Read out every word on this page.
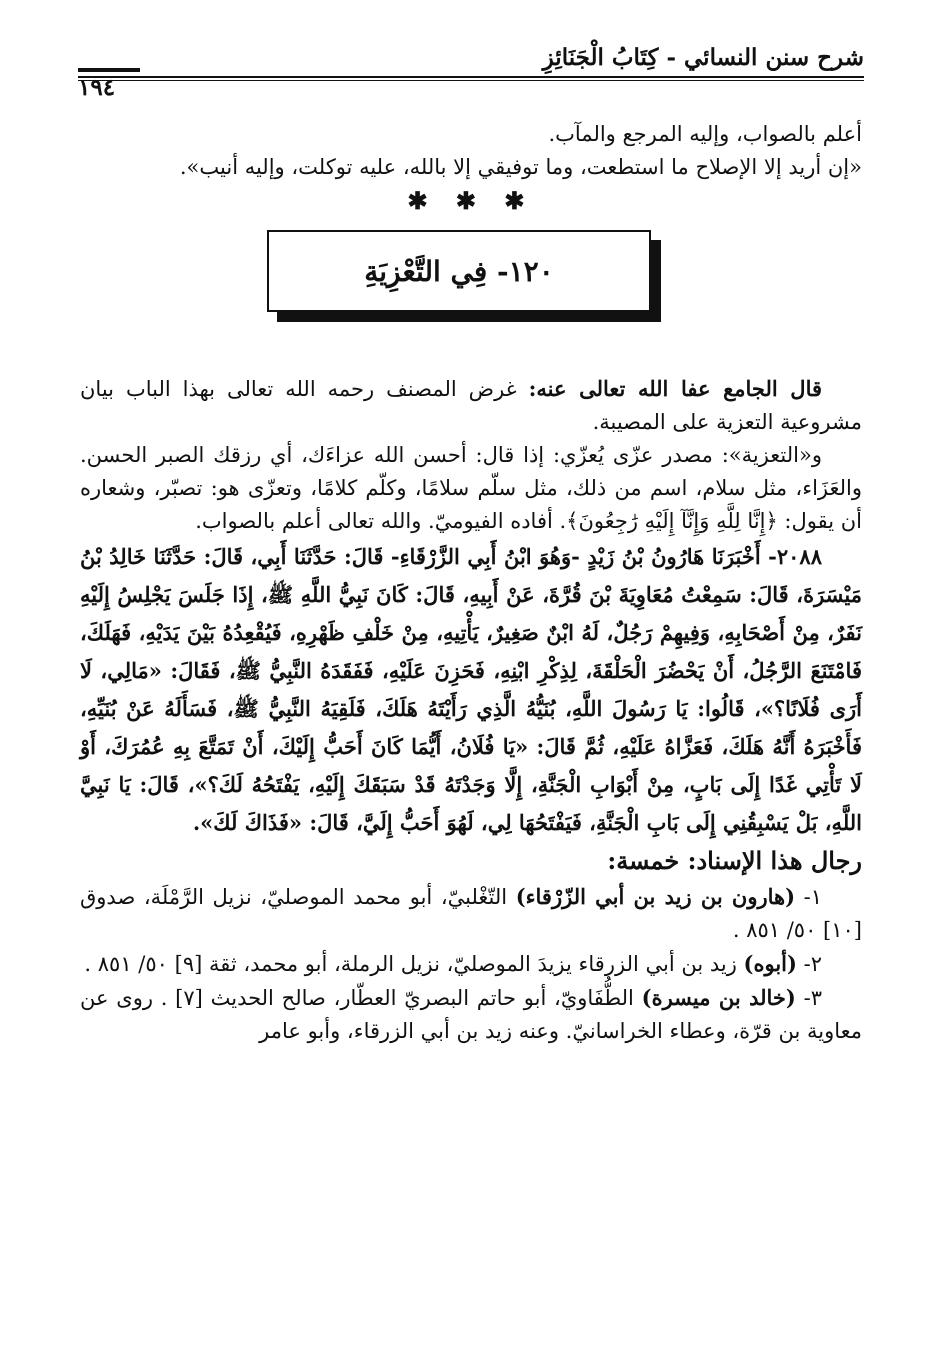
شرح سنن النسائي - كِتَابُ الْجَنَائِزِ
١٩٤

أعلم بالصواب، وإليه المرجع والمآب.

«إن أريد إلا الإصلاح ما استطعت، وما توفيقي إلا بالله، عليه توكلت، وإليه أنيب».

✱ ✱ ✱
١٢٠- فِي التَّعْزِيَةِ

قال الجامع عفا الله تعالى عنه: غرض المصنف رحمه الله تعالى بهذا الباب بيان مشروعية التعزية على المصيبة.

و«التعزية»: مصدر عزّى يُعزّي: إذا قال: أحسن الله عزاءَك، أي رزقك الصبر الحسن. والعَزَاء، مثل سلام، اسم من ذلك، مثل سلّم سلامًا، وكلّم كلامًا، وتعزّى هو: تصبّر، وشعاره أن يقول: ﴿إِنَّا لِلَّهِ وَإِنَّآ إِلَيْهِ رَٰجِعُونَ﴾. أفاده الفيوميّ. والله تعالى أعلم بالصواب.

٢٠٨٨- أَخْبَرَنَا هَارُونُ بْنُ زَيْدٍ -وَهُوَ ابْنُ أَبِي الزَّرْقَاءِ- قَالَ: حَدَّثَنَا أَبِي، قَالَ: حَدَّثَنَا خَالِدُ بْنُ مَيْسَرَةَ، قَالَ: سَمِعْتُ مُعَاوِيَةَ بْنَ قُرَّةَ، عَنْ أَبِيهِ، قَالَ: كَانَ نَبِيُّ اللَّهِ ﷺ، إِذَا جَلَسَ يَجْلِسُ إِلَيْهِ نَفَرٌ، مِنْ أَصْحَابِهِ، وَفِيهِمْ رَجُلٌ، لَهُ ابْنٌ صَغِيرٌ، يَأْتِيهِ، مِنْ خَلْفِ ظَهْرِهِ، فَيُقْعِدُهُ بَيْنَ يَدَيْهِ، فَهَلَكَ، فَامْتَنَعَ الرَّجُلُ، أَنْ يَحْضُرَ الْحَلْقَةَ، لِذِكْرِ ابْنِهِ، فَحَزِنَ عَلَيْهِ، فَفَقَدَهُ النَّبِيُّ ﷺ، فَقَالَ: «مَالِي، لَا أَرَى فُلَانًا؟»، قَالُوا: يَا رَسُولَ اللَّهِ، بُنَيُّهُ الَّذِي رَأَيْتَهُ هَلَكَ، فَلَقِيَهُ النَّبِيُّ ﷺ، فَسَأَلَهُ عَنْ بُنَيِّهِ، فَأَخْبَرَهُ أَنَّهُ هَلَكَ، فَعَزَّاهُ عَلَيْهِ، ثُمَّ قَالَ: «يَا فُلَانُ، أَيُّمَا كَانَ أَحَبُّ إِلَيْكَ، أَنْ تَمَتَّعَ بِهِ عُمُرَكَ، أَوْ لَا تَأْتِي غَدًا إِلَى بَابٍ، مِنْ أَبْوَابِ الْجَنَّةِ، إِلَّا وَجَدْتَهُ قَدْ سَبَقَكَ إِلَيْهِ، يَفْتَحُهُ لَكَ؟»، قَالَ: يَا نَبِيَّ اللَّهِ، بَلْ يَسْبِقُنِي إِلَى بَابِ الْجَنَّةِ، فَيَفْتَحُهَا لِي، لَهُوَ أَحَبُّ إِلَيَّ، قَالَ: «فَذَاكَ لَكَ».

رجال هذا الإسناد: خمسة:

١- (هارون بن زيد بن أبي الزّرْقاء) التّغْلبيّ، أبو محمد الموصليّ، نزيل الرَّمْلَة، صدوق [١٠] ٥٠/ ٨٥١ .

٢- (أبوه) زيد بن أبي الزرقاء يزيدَ الموصليّ، نزيل الرملة، أبو محمد، ثقة [٩] ٥٠/ ٨٥١ .

٣- (خالد بن ميسرة) الطُّفَاويّ، أبو حاتم البصريّ العطّار، صالح الحديث [٧] . روى عن معاوية بن قرّة، وعطاء الخراسانيّ. وعنه زيد بن أبي الزرقاء، وأبو عامر
